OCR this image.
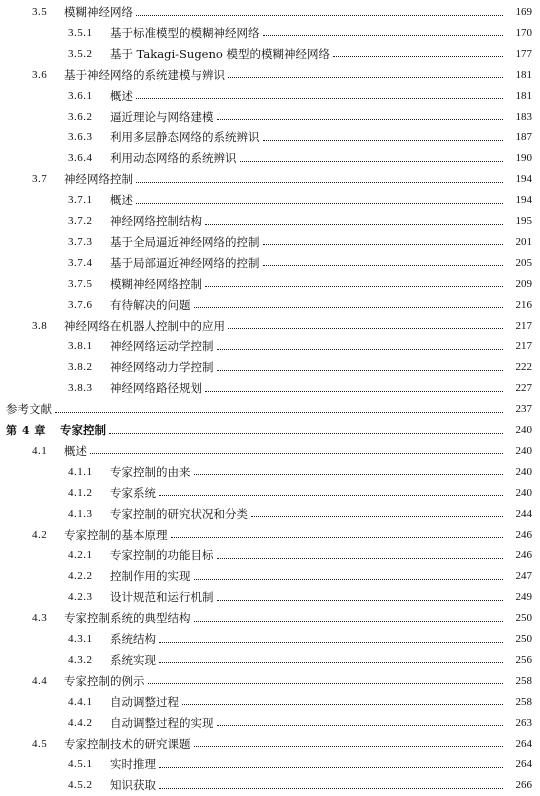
3.5	模糊神经网络	169
3.5.1	基于标准模型的模糊神经网络	170
3.5.2	基于 Takagi-Sugeno 模型的模糊神经网络	177
3.6	基于神经网络的系统建模与辨识	181
3.6.1	概述	181
3.6.2	逼近理论与网络建模	183
3.6.3	利用多层静态网络的系统辨识	187
3.6.4	利用动态网络的系统辨识	190
3.7	神经网络控制	194
3.7.1	概述	194
3.7.2	神经网络控制结构	195
3.7.3	基于全局逼近神经网络的控制	201
3.7.4	基于局部逼近神经网络的控制	205
3.7.5	模糊神经网络控制	209
3.7.6	有待解决的问题	216
3.8	神经网络在机器人控制中的应用	217
3.8.1	神经网络运动学控制	217
3.8.2	神经网络动力学控制	222
3.8.3	神经网络路径规划	227
参考文献	237
第 4 章	专家控制	240
4.1	概述	240
4.1.1	专家控制的由来	240
4.1.2	专家系统	240
4.1.3	专家控制的研究状况和分类	244
4.2	专家控制的基本原理	246
4.2.1	专家控制的功能目标	246
4.2.2	控制作用的实现	247
4.2.3	设计规范和运行机制	249
4.3	专家控制系统的典型结构	250
4.3.1	系统结构	250
4.3.2	系统实现	256
4.4	专家控制的例示	258
4.4.1	自动调整过程	258
4.4.2	自动调整过程的实现	263
4.5	专家控制技术的研究课题	264
4.5.1	实时推理	264
4.5.2	知识获取	266
